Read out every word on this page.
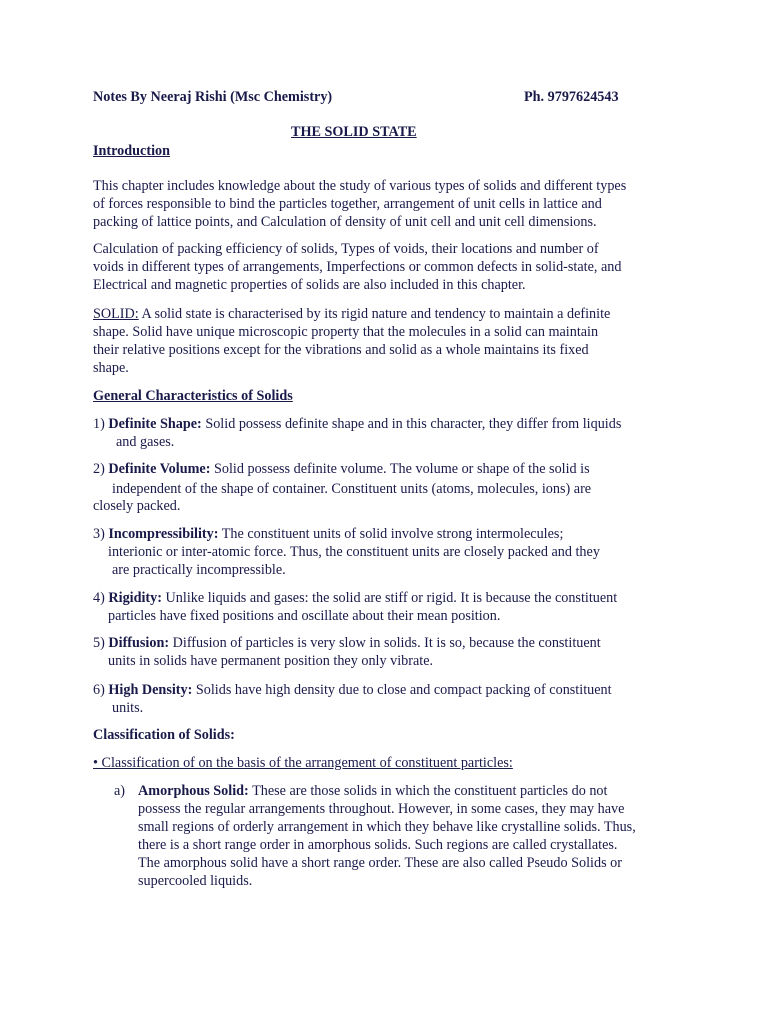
Notes By Neeraj Rishi (Msc Chemistry)	Ph. 9797624543
THE SOLID STATE
Introduction
This chapter includes knowledge about the study of various types of solids and different types
of forces responsible to bind the particles together, arrangement of unit cells in lattice and
packing of lattice points, and Calculation of density of unit cell and unit cell dimensions.
Calculation of packing efficiency of solids, Types of voids, their locations and number of
voids in different types of arrangements, Imperfections or common defects in solid-state, and
Electrical and magnetic properties of solids are also included in this chapter.
SOLID: A solid state is characterised by its rigid nature and tendency to maintain a definite
shape. Solid have unique microscopic property that the molecules in a solid can maintain
their relative positions except for the vibrations and solid as a whole maintains its fixed
shape.
General Characteristics of Solids
1) Definite Shape: Solid possess definite shape and in this character, they differ from liquids
and gases.
2) Definite Volume: Solid possess definite volume. The volume or shape of the solid is
independent of the shape of container. Constituent units (atoms, molecules, ions) are
closely packed.
3) Incompressibility: The constituent units of solid involve strong intermolecules;
interionic or inter-atomic force. Thus, the constituent units are closely packed and they
are practically incompressible.
4) Rigidity: Unlike liquids and gases: the solid are stiff or rigid. It is because the constituent
particles have fixed positions and oscillate about their mean position.
5) Diffusion: Diffusion of particles is very slow in solids. It is so, because the constituent
units in solids have permanent position they only vibrate.
6) High Density: Solids have high density due to close and compact packing of constituent
units.
Classification of Solids:
• Classification of on the basis of the arrangement of constituent particles:
a) Amorphous Solid: These are those solids in which the constituent particles do not
possess the regular arrangements throughout. However, in some cases, they may have
small regions of orderly arrangement in which they behave like crystalline solids. Thus,
there is a short range order in amorphous solids. Such regions are called crystallates.
The amorphous solid have a short range order. These are also called Pseudo Solids or
supercooled liquids.
